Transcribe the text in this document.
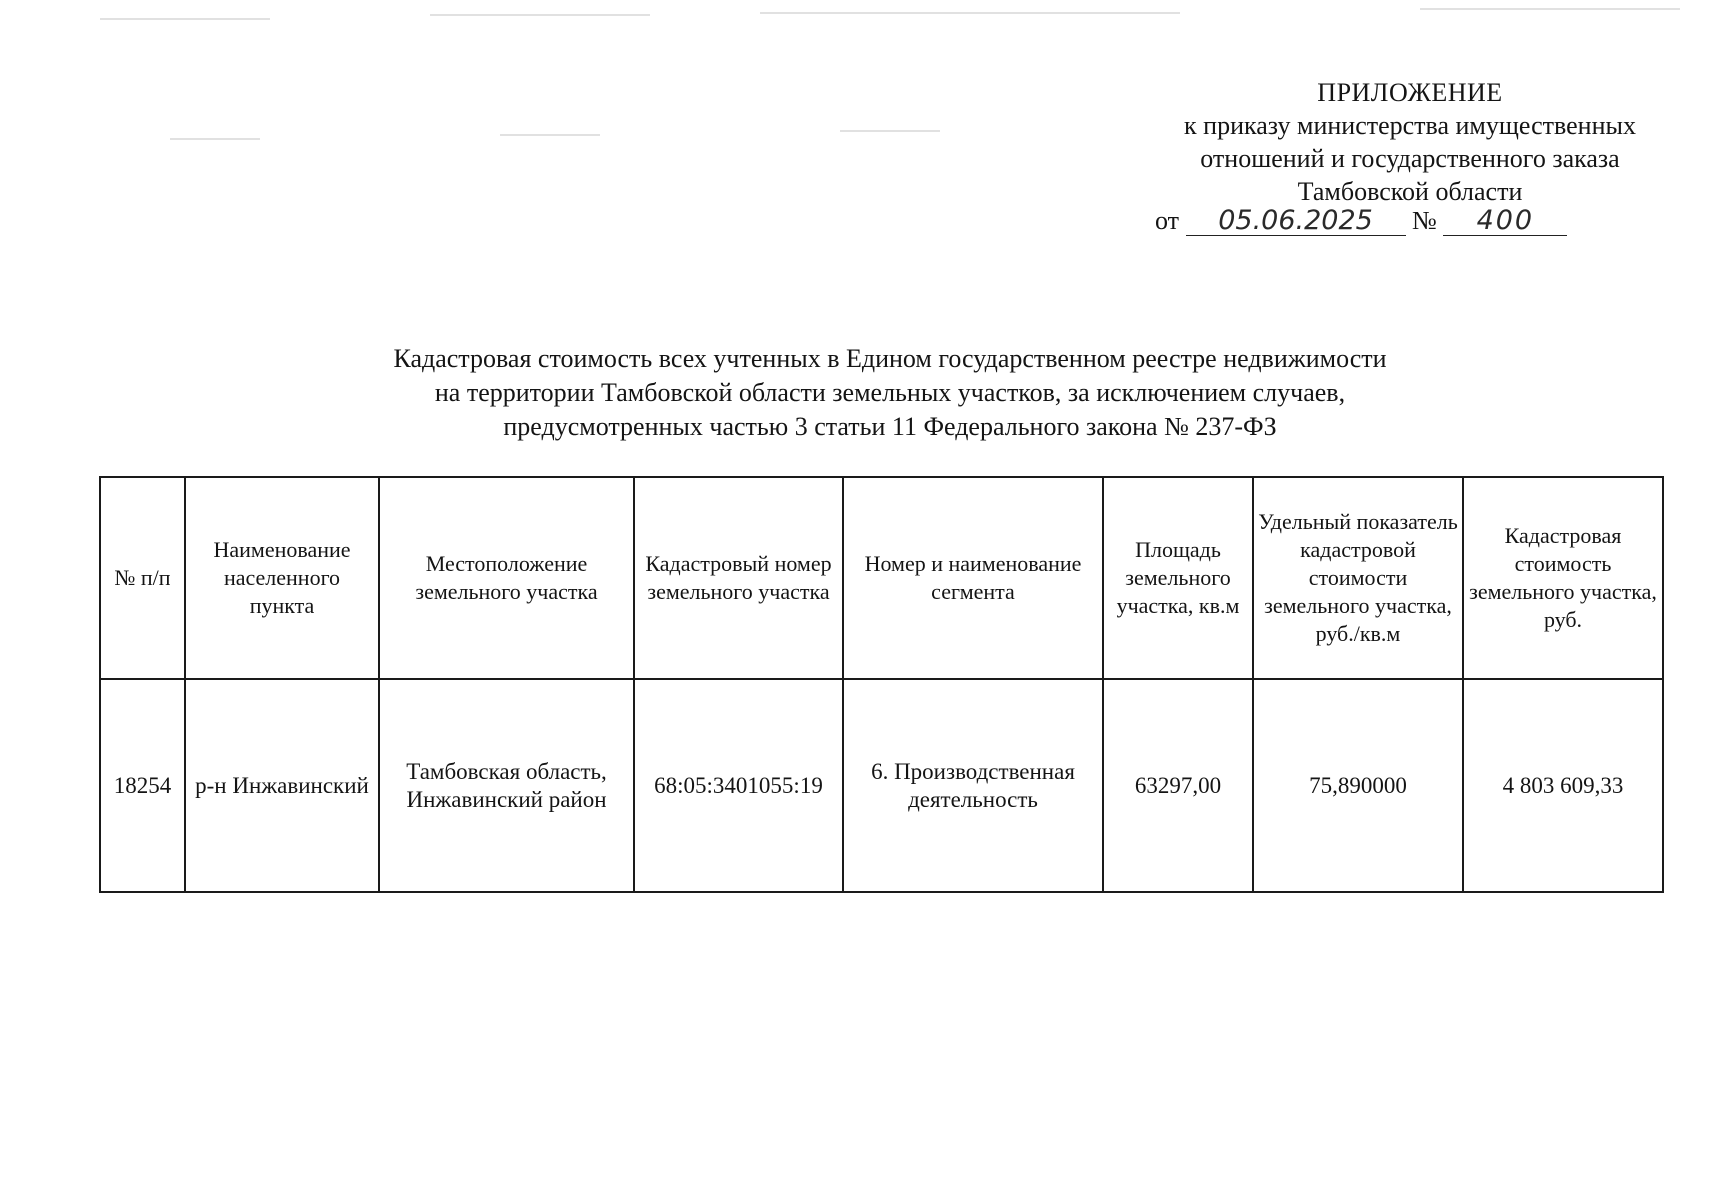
ПРИЛОЖЕНИЕ
к приказу министерства имущественных
отношений и государственного заказа
Тамбовской области
от 05.06.2025 № 400
Кадастровая стоимость всех учтенных в Едином государственном реестре недвижимости
на территории Тамбовской области земельных участков, за исключением случаев,
предусмотренных частью 3 статьи 11 Федерального закона № 237-ФЗ
№ п/п	Наименование населенного пункта	Местоположение земельного участка	Кадастровый номер земельного участка	Номер и наименование сегмента	Площадь земельного участка, кв.м	Удельный показатель кадастровой стоимости земельного участка, руб./кв.м	Кадастровая стоимость земельного участка, руб.
18254	р-н Инжавинский	Тамбовская область, Инжавинский район	68:05:3401055:19	6. Производственная деятельность	63297,00	75,890000	4 803 609,33
